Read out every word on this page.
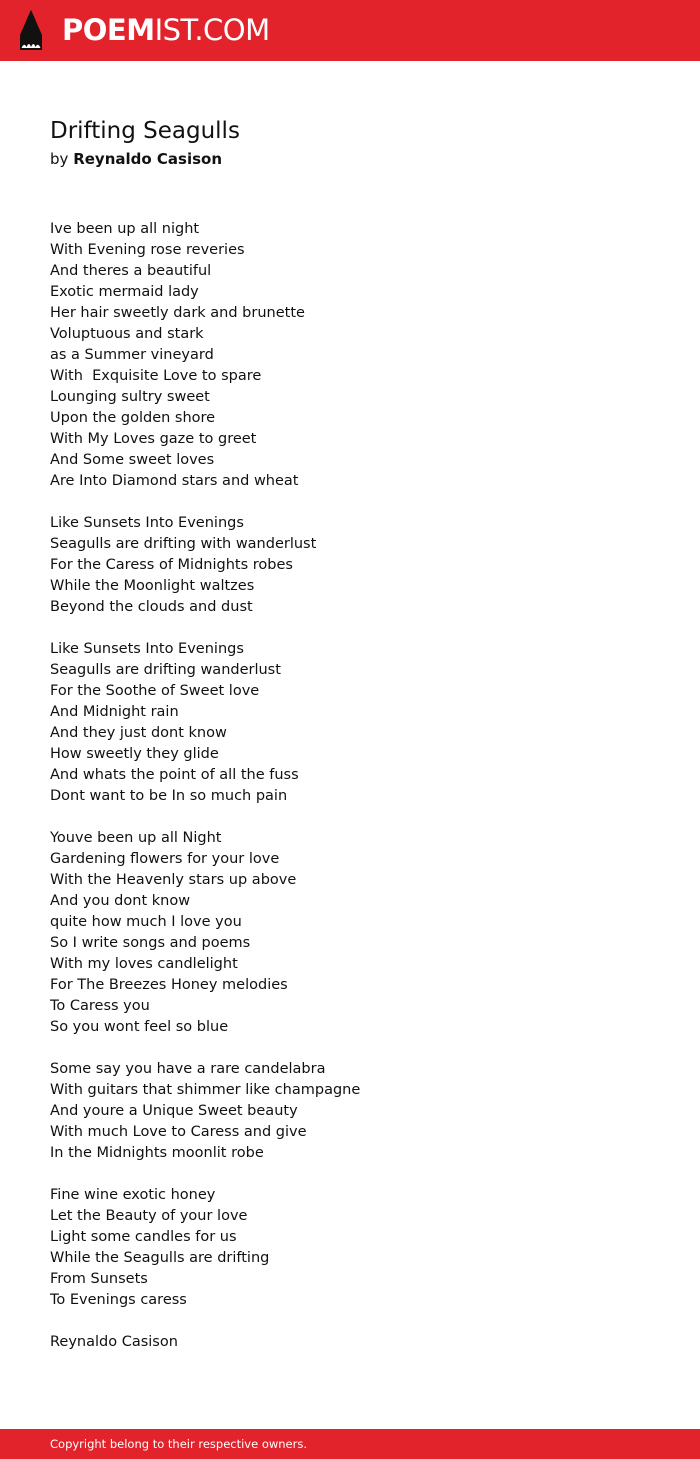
POEMIST.COM
Drifting Seagulls
by Reynaldo Casison
Ive been up all night
With Evening rose reveries
And theres a beautiful
Exotic mermaid lady
Her hair sweetly dark and brunette
Voluptuous and stark
as a Summer vineyard
With  Exquisite Love to spare
Lounging sultry sweet
Upon the golden shore
With My Loves gaze to greet
And Some sweet loves
Are Into Diamond stars and wheat
Like Sunsets Into Evenings
Seagulls are drifting with wanderlust
For the Caress of Midnights robes
While the Moonlight waltzes
Beyond the clouds and dust
Like Sunsets Into Evenings
Seagulls are drifting wanderlust
For the Soothe of Sweet love
And Midnight rain
And they just dont know
How sweetly they glide
And whats the point of all the fuss
Dont want to be In so much pain
Youve been up all Night
Gardening flowers for your love
With the Heavenly stars up above
And you dont know
quite how much I love you
So I write songs and poems
With my loves candlelight
For The Breezes Honey melodies
To Caress you
So you wont feel so blue
Some say you have a rare candelabra
With guitars that shimmer like champagne
And youre a Unique Sweet beauty
With much Love to Caress and give
In the Midnights moonlit robe
Fine wine exotic honey
Let the Beauty of your love
Light some candles for us
While the Seagulls are drifting
From Sunsets
To Evenings caress
Reynaldo Casison
Copyright belong to their respective owners.
